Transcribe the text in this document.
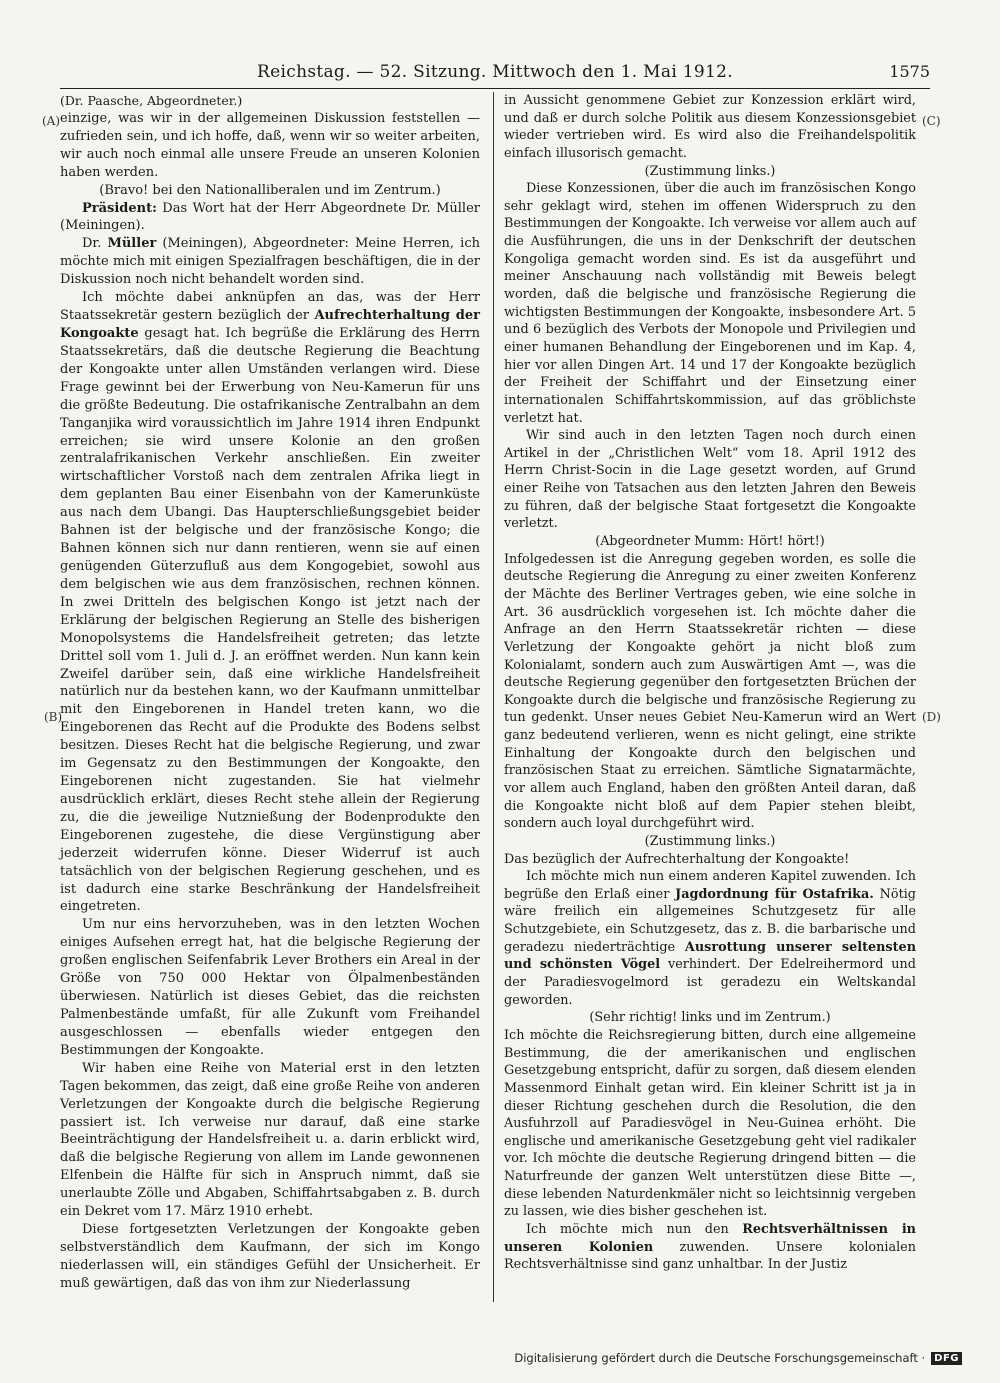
Reichstag. — 52. Sitzung. Mittwoch den 1. Mai 1912.	1575
(A)
(B)
(C)
(D)

(Dr. Paasche, Abgeordneter.)

einzige, was wir in der allgemeinen Diskussion feststellen — zufrieden sein, und ich hoffe, daß, wenn wir so weiter arbeiten, wir auch noch einmal alle unsere Freude an unseren Kolonien haben werden.

(Bravo! bei den Nationalliberalen und im Zentrum.)

Präsident: Das Wort hat der Herr Abgeordnete Dr. Müller (Meiningen).

Dr. Müller (Meiningen), Abgeordneter: Meine Herren, ich möchte mich mit einigen Spezialfragen beschäftigen, die in der Diskussion noch nicht behandelt worden sind.

Ich möchte dabei anknüpfen an das, was der Herr Staatssekretär gestern bezüglich der Aufrechterhaltung der Kongoakte gesagt hat. Ich begrüße die Erklärung des Herrn Staatssekretärs, daß die deutsche Regierung die Beachtung der Kongoakte unter allen Umständen verlangen wird. Diese Frage gewinnt bei der Erwerbung von Neu-Kamerun für uns die größte Bedeutung. Die ostafrikanische Zentralbahn an dem Tanganjika wird voraussichtlich im Jahre 1914 ihren Endpunkt erreichen; sie wird unsere Kolonie an den großen zentralafrikanischen Verkehr anschließen. Ein zweiter wirtschaftlicher Vorstoß nach dem zentralen Afrika liegt in dem geplanten Bau einer Eisenbahn von der Kamerunküste aus nach dem Ubangi. Das Haupterschließungsgebiet beider Bahnen ist der belgische und der französische Kongo; die Bahnen können sich nur dann rentieren, wenn sie auf einen genügenden Güterzufluß aus dem Kongogebiet, sowohl aus dem belgischen wie aus dem französischen, rechnen können. In zwei Dritteln des belgischen Kongo ist jetzt nach der Erklärung der belgischen Regierung an Stelle des bisherigen Monopolsystems die Handelsfreiheit getreten; das letzte Drittel soll vom 1. Juli d. J. an eröffnet werden. Nun kann kein Zweifel darüber sein, daß eine wirkliche Handelsfreiheit natürlich nur da bestehen kann, wo der Kaufmann unmittelbar mit den Eingeborenen in Handel treten kann, wo die Eingeborenen das Recht auf die Produkte des Bodens selbst besitzen. Dieses Recht hat die belgische Regierung, und zwar im Gegensatz zu den Bestimmungen der Kongoakte, den Eingeborenen nicht zugestanden. Sie hat vielmehr ausdrücklich erklärt, dieses Recht stehe allein der Regierung zu, die die jeweilige Nutznießung der Bodenprodukte den Eingeborenen zugestehe, die diese Vergünstigung aber jederzeit widerrufen könne. Dieser Widerruf ist auch tatsächlich von der belgischen Regierung geschehen, und es ist dadurch eine starke Beschränkung der Handelsfreiheit eingetreten.

Um nur eins hervorzuheben, was in den letzten Wochen einiges Aufsehen erregt hat, hat die belgische Regierung der großen englischen Seifenfabrik Lever Brothers ein Areal in der Größe von 750 000 Hektar von Ölpalmenbeständen überwiesen. Natürlich ist dieses Gebiet, das die reichsten Palmenbestände umfaßt, für alle Zukunft vom Freihandel ausgeschlossen — ebenfalls wieder entgegen den Bestimmungen der Kongoakte.

Wir haben eine Reihe von Material erst in den letzten Tagen bekommen, das zeigt, daß eine große Reihe von anderen Verletzungen der Kongoakte durch die belgische Regierung passiert ist. Ich verweise nur darauf, daß eine starke Beeinträchtigung der Handelsfreiheit u. a. darin erblickt wird, daß die belgische Regierung von allem im Lande gewonnenen Elfenbein die Hälfte für sich in Anspruch nimmt, daß sie unerlaubte Zölle und Abgaben, Schiffahrtsabgaben z. B. durch ein Dekret vom 17. März 1910 erhebt.

Diese fortgesetzten Verletzungen der Kongoakte geben selbstverständlich dem Kaufmann, der sich im Kongo niederlassen will, ein ständiges Gefühl der Unsicherheit. Er muß gewärtigen, daß das von ihm zur Niederlassung

in Aussicht genommene Gebiet zur Konzession erklärt wird, und daß er durch solche Politik aus diesem Konzessionsgebiet wieder vertrieben wird. Es wird also die Freihandelspolitik einfach illusorisch gemacht.

(Zustimmung links.)

Diese Konzessionen, über die auch im französischen Kongo sehr geklagt wird, stehen im offenen Widerspruch zu den Bestimmungen der Kongoakte. Ich verweise vor allem auch auf die Ausführungen, die uns in der Denkschrift der deutschen Kongoliga gemacht worden sind. Es ist da ausgeführt und meiner Anschauung nach vollständig mit Beweis belegt worden, daß die belgische und französische Regierung die wichtigsten Bestimmungen der Kongoakte, insbesondere Art. 5 und 6 bezüglich des Verbots der Monopole und Privilegien und einer humanen Behandlung der Eingeborenen und im Kap. 4, hier vor allen Dingen Art. 14 und 17 der Kongoakte bezüglich der Freiheit der Schiffahrt und der Einsetzung einer internationalen Schiffahrtskommission, auf das gröblichste verletzt hat.

Wir sind auch in den letzten Tagen noch durch einen Artikel in der „Christlichen Welt“ vom 18. April 1912 des Herrn Christ-Socin in die Lage gesetzt worden, auf Grund einer Reihe von Tatsachen aus den letzten Jahren den Beweis zu führen, daß der belgische Staat fortgesetzt die Kongoakte verletzt.

(Abgeordneter Mumm: Hört! hört!)

Infolgedessen ist die Anregung gegeben worden, es solle die deutsche Regierung die Anregung zu einer zweiten Konferenz der Mächte des Berliner Vertrages geben, wie eine solche in Art. 36 ausdrücklich vorgesehen ist. Ich möchte daher die Anfrage an den Herrn Staatssekretär richten — diese Verletzung der Kongoakte gehört ja nicht bloß zum Kolonialamt, sondern auch zum Auswärtigen Amt —, was die deutsche Regierung gegenüber den fortgesetzten Brüchen der Kongoakte durch die belgische und französische Regierung zu tun gedenkt. Unser neues Gebiet Neu-Kamerun wird an Wert ganz bedeutend verlieren, wenn es nicht gelingt, eine strikte Einhaltung der Kongoakte durch den belgischen und französischen Staat zu erreichen. Sämtliche Signatarmächte, vor allem auch England, haben den größten Anteil daran, daß die Kongoakte nicht bloß auf dem Papier stehen bleibt, sondern auch loyal durchgeführt wird.

(Zustimmung links.)

Das bezüglich der Aufrechterhaltung der Kongoakte!

Ich möchte mich nun einem anderen Kapitel zuwenden. Ich begrüße den Erlaß einer Jagdordnung für Ostafrika. Nötig wäre freilich ein allgemeines Schutzgesetz für alle Schutzgebiete, ein Schutzgesetz, das z. B. die barbarische und geradezu niederträchtige Ausrottung unserer seltensten und schönsten Vögel verhindert. Der Edelreihermord und der Paradiesvogelmord ist geradezu ein Weltskandal geworden.

(Sehr richtig! links und im Zentrum.)

Ich möchte die Reichsregierung bitten, durch eine allgemeine Bestimmung, die der amerikanischen und englischen Gesetzgebung entspricht, dafür zu sorgen, daß diesem elenden Massenmord Einhalt getan wird. Ein kleiner Schritt ist ja in dieser Richtung geschehen durch die Resolution, die den Ausfuhrzoll auf Paradiesvögel in Neu-Guinea erhöht. Die englische und amerikanische Gesetzgebung geht viel radikaler vor. Ich möchte die deutsche Regierung dringend bitten — die Naturfreunde der ganzen Welt unterstützen diese Bitte —, diese lebenden Naturdenkmäler nicht so leichtsinnig vergeben zu lassen, wie dies bisher geschehen ist.

Ich möchte mich nun den Rechtsverhältnissen in unseren Kolonien zuwenden. Unsere kolonialen Rechtsverhältnisse sind ganz unhaltbar. In der Justiz

Digitalisierung gefördert durch die Deutsche Forschungsgemeinschaft · DFG
